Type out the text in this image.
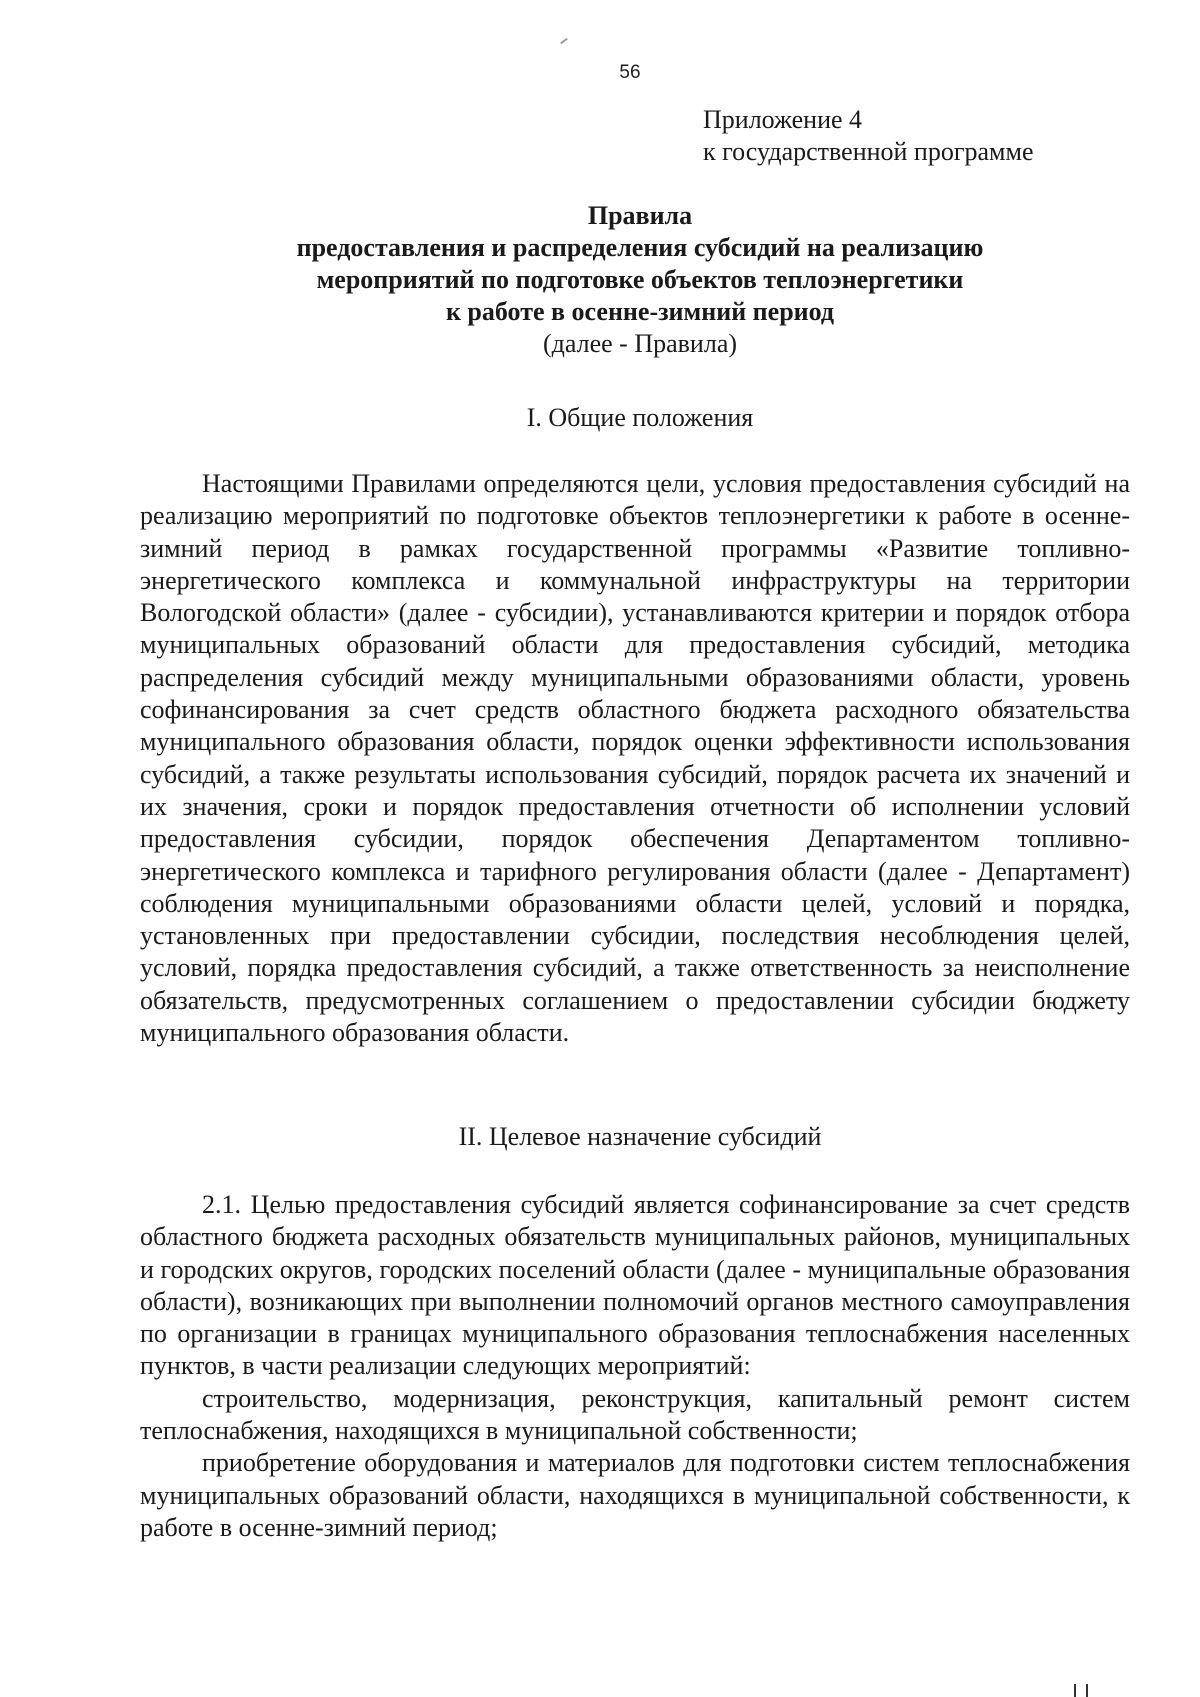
56
Приложение 4
к государственной программе
Правила
предоставления и распределения субсидий на реализацию
мероприятий по подготовке объектов теплоэнергетики
к работе в осенне-зимний период
(далее - Правила)
I. Общие положения

Настоящими Правилами определяются цели, условия предоставления субсидий на реализацию мероприятий по подготовке объектов теплоэнергетики к работе в осенне-зимний период в рамках государственной программы «Развитие топливно-энергетического комплекса и коммунальной инфраструктуры на территории Вологодской области» (далее - субсидии), устанавливаются критерии и порядок отбора муниципальных образований области для предоставления субсидий, методика распределения субсидий между муниципальными образованиями области, уровень софинансирования за счет средств областного бюджета расходного обязательства муниципального образования области, порядок оценки эффективности использования субсидий, а также результаты использования субсидий, порядок расчета их значений и их значения, сроки и порядок предоставления отчетности об исполнении условий предоставления субсидии, порядок обеспечения Департаментом топливно-энергетического комплекса и тарифного регулирования области (далее - Департамент) соблюдения муниципальными образованиями области целей, условий и порядка, установленных при предоставлении субсидии, последствия несоблюдения целей, условий, порядка предоставления субсидий, а также ответственность за неисполнение обязательств, предусмотренных соглашением о предоставлении субсидии бюджету муниципального образования области.

II. Целевое назначение субсидий

2.1. Целью предоставления субсидий является софинансирование за счет средств областного бюджета расходных обязательств муниципальных районов, муниципальных и городских округов, городских поселений области (далее - муниципальные образования области), возникающих при выполнении полномочий органов местного самоуправления по организации в границах муниципального образования теплоснабжения населенных пунктов, в части реализации следующих мероприятий:

строительство, модернизация, реконструкция, капитальный ремонт систем теплоснабжения, находящихся в муниципальной собственности;

приобретение оборудования и материалов для подготовки систем теплоснабжения муниципальных образований области, находящихся в муниципальной собственности, к работе в осенне-зимний период;
